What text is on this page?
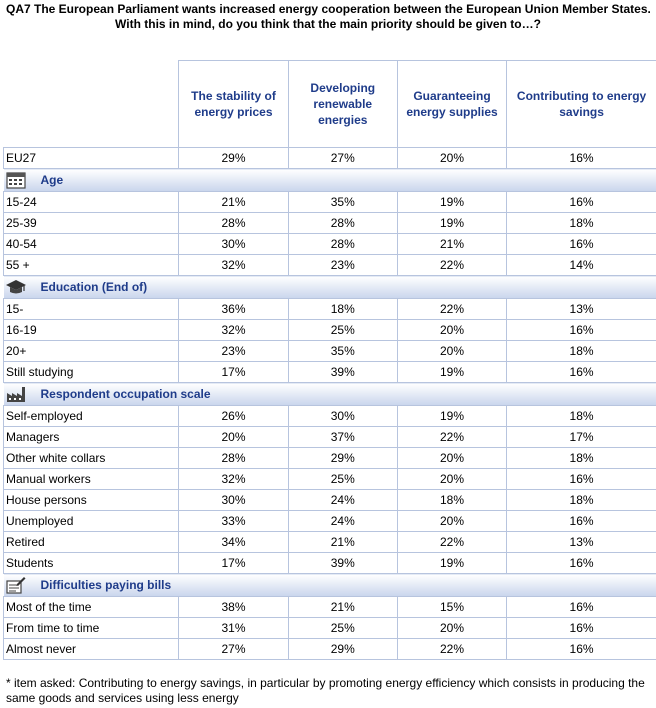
QA7 The European Parliament wants increased energy cooperation between the European Union Member States.
With this in mind, do you think that the main priority should be given to…?
	The stability of energy prices	Developing renewable energies	Guaranteeing energy supplies	Contributing to energy savings
EU27	29%	27%	20%	16%

Age				
15-24	21%	35%	19%	16%
25-39	28%	28%	19%	18%
40-54	30%	28%	21%	16%
55 +	32%	23%	22%	14%

Education (End of)				
15-	36%	18%	22%	13%
16-19	32%	25%	20%	16%
20+	23%	35%	20%	18%
Still studying	17%	39%	19%	16%

Respondent occupation scale				
Self-employed	26%	30%	19%	18%
Managers	20%	37%	22%	17%
Other white collars	28%	29%	20%	18%
Manual workers	32%	25%	20%	16%
House persons	30%	24%	18%	18%
Unemployed	33%	24%	20%	16%
Retired	34%	21%	22%	13%
Students	17%	39%	19%	16%

Difficulties paying bills				
Most of the time	38%	21%	15%	16%
From time to time	31%	25%	20%	16%
Almost never	27%	29%	22%	16%
* item asked: Contributing to energy savings, in particular by promoting energy efficiency which consists in producing the same goods and services using less energy
